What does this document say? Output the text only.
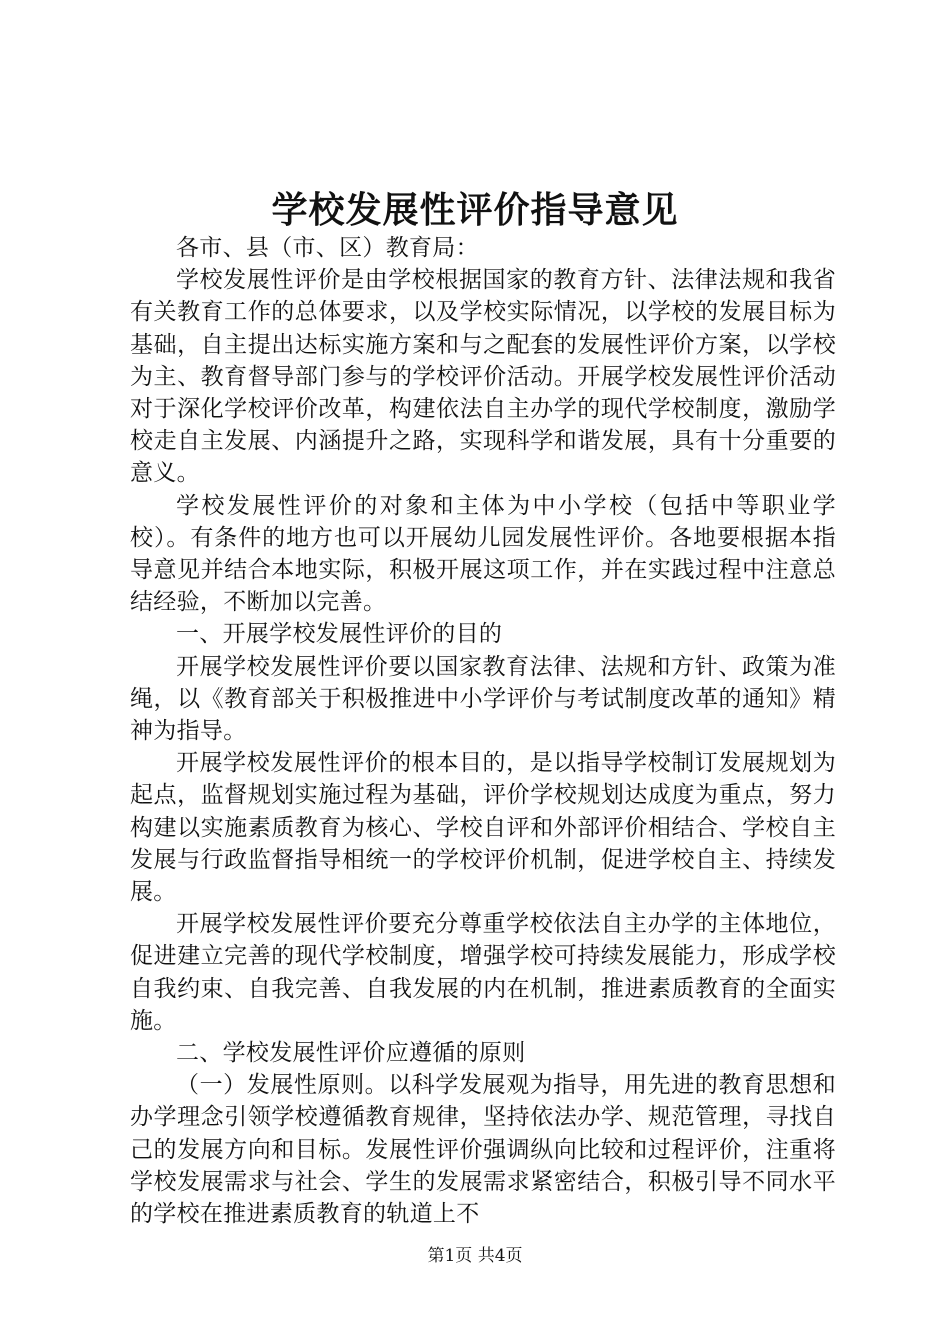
学校发展性评价指导意见

各市、县（市、区）教育局：

学校发展性评价是由学校根据国家的教育方针、法律法规和我省有关教育工作的总体要求，以及学校实际情况，以学校的发展目标为基础，自主提出达标实施方案和与之配套的发展性评价方案，以学校为主、教育督导部门参与的学校评价活动。开展学校发展性评价活动对于深化学校评价改革，构建依法自主办学的现代学校制度，激励学校走自主发展、内涵提升之路，实现科学和谐发展，具有十分重要的意义。

学校发展性评价的对象和主体为中小学校（包括中等职业学校）。有条件的地方也可以开展幼儿园发展性评价。各地要根据本指导意见并结合本地实际，积极开展这项工作，并在实践过程中注意总结经验，不断加以完善。

一、开展学校发展性评价的目的

开展学校发展性评价要以国家教育法律、法规和方针、政策为准绳，以《教育部关于积极推进中小学评价与考试制度改革的通知》精神为指导。

开展学校发展性评价的根本目的，是以指导学校制订发展规划为起点，监督规划实施过程为基础，评价学校规划达成度为重点，努力构建以实施素质教育为核心、学校自评和外部评价相结合、学校自主发展与行政监督指导相统一的学校评价机制，促进学校自主、持续发展。

开展学校发展性评价要充分尊重学校依法自主办学的主体地位，促进建立完善的现代学校制度，增强学校可持续发展能力，形成学校自我约束、自我完善、自我发展的内在机制，推进素质教育的全面实施。

二、学校发展性评价应遵循的原则

（一）发展性原则。以科学发展观为指导，用先进的教育思想和办学理念引领学校遵循教育规律，坚持依法办学、规范管理，寻找自己的发展方向和目标。发展性评价强调纵向比较和过程评价，注重将学校发展需求与社会、学生的发展需求紧密结合，积极引导不同水平的学校在推进素质教育的轨道上不

第1页 共4页
